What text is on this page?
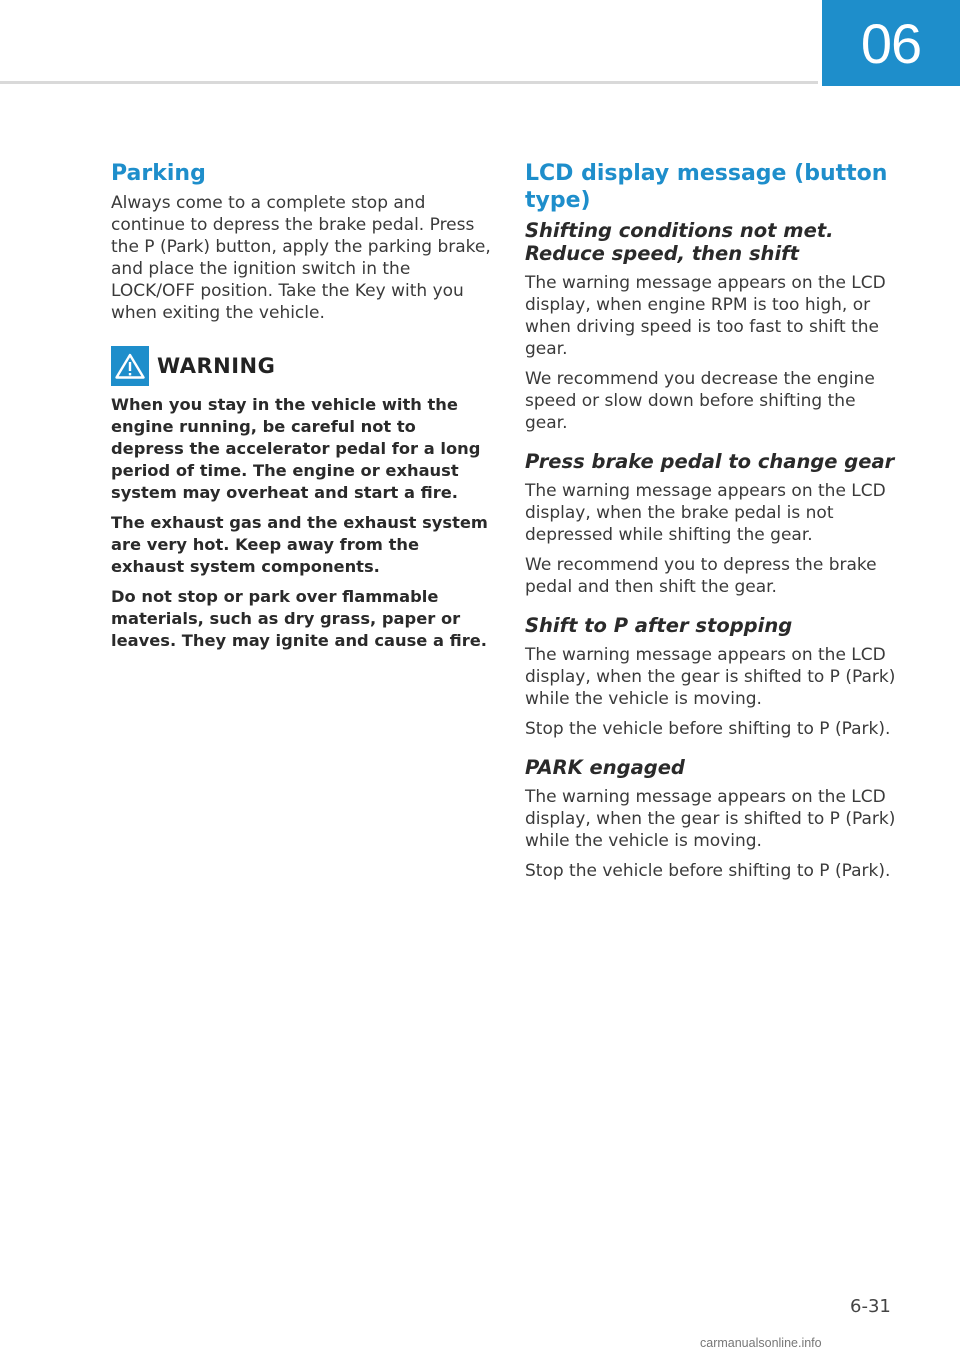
06
Parking

Always come to a complete stop and continue to depress the brake pedal. Press the P (Park) button, apply the parking brake, and place the ignition switch in the LOCK/OFF position. Take the Key with you when exiting the vehicle.

WARNING

When you stay in the vehicle with the engine running, be careful not to depress the accelerator pedal for a long period of time. The engine or exhaust system may overheat and start a fire.

The exhaust gas and the exhaust system are very hot. Keep away from the exhaust system components.

Do not stop or park over flammable materials, such as dry grass, paper or leaves. They may ignite and cause a fire.

LCD display message (button type)
Shifting conditions not met. Reduce speed, then shift

The warning message appears on the LCD display, when engine RPM is too high, or when driving speed is too fast to shift the gear.

We recommend you decrease the engine speed or slow down before shifting the gear.

Press brake pedal to change gear

The warning message appears on the LCD display, when the brake pedal is not depressed while shifting the gear.

We recommend you to depress the brake pedal and then shift the gear.

Shift to P after stopping

The warning message appears on the LCD display, when the gear is shifted to P (Park) while the vehicle is moving.

Stop the vehicle before shifting to P (Park).

PARK engaged

The warning message appears on the LCD display, when the gear is shifted to P (Park) while the vehicle is moving.

Stop the vehicle before shifting to P (Park).

6-31
carmanualsonline.info
